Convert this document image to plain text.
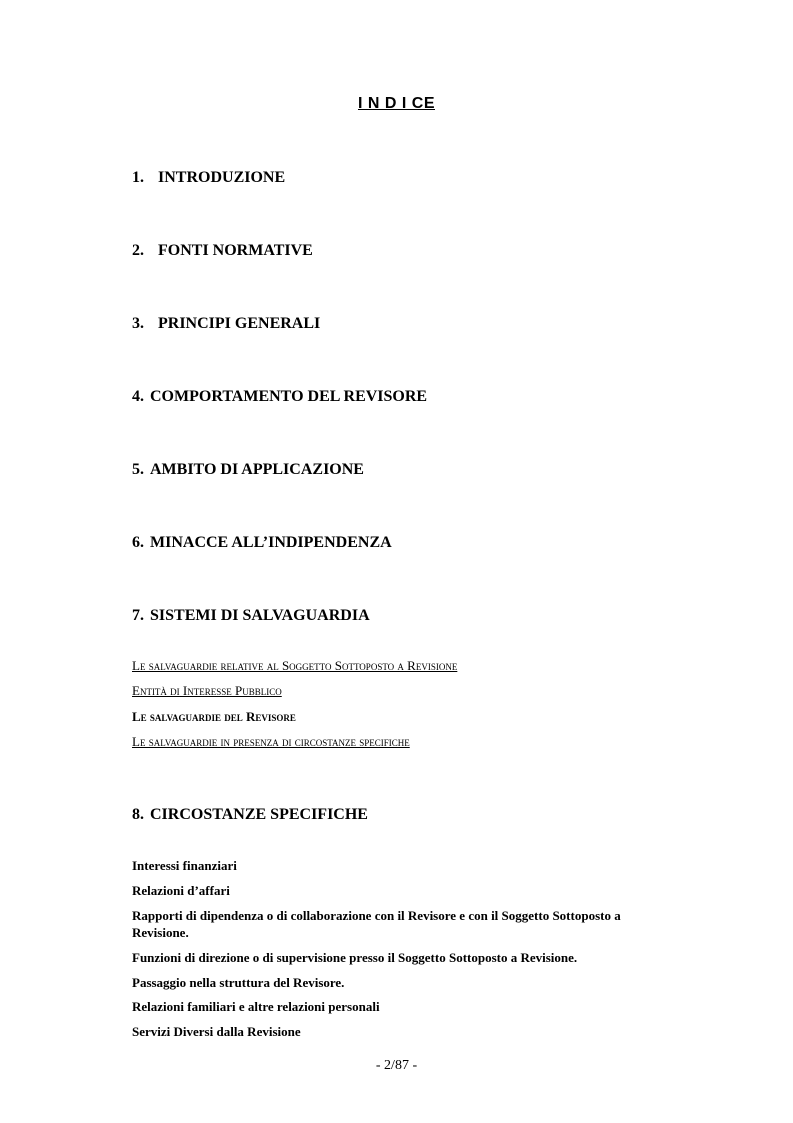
I N D I CE
1. INTRODUZIONE
2. FONTI NORMATIVE
3. PRINCIPI GENERALI
4. COMPORTAMENTO DEL REVISORE
5. AMBITO DI APPLICAZIONE
6. MINACCE ALL’INDIPENDENZA
7. SISTEMI DI SALVAGUARDIA
Le salvaguardie relative al Soggetto Sottoposto a Revisione
Entità di Interesse Pubblico
Le salvaguardie del Revisore
Le salvaguardie in presenza di circostanze specifiche
8. CIRCOSTANZE SPECIFICHE
Interessi finanziari
Relazioni d’affari
Rapporti di dipendenza o di collaborazione con il Revisore e con il Soggetto Sottoposto a Revisione.
Funzioni di direzione o di supervisione presso il Soggetto Sottoposto a Revisione.
Passaggio nella struttura del Revisore.
Relazioni familiari e altre relazioni personali
Servizi Diversi dalla Revisione
- 2/87 -
